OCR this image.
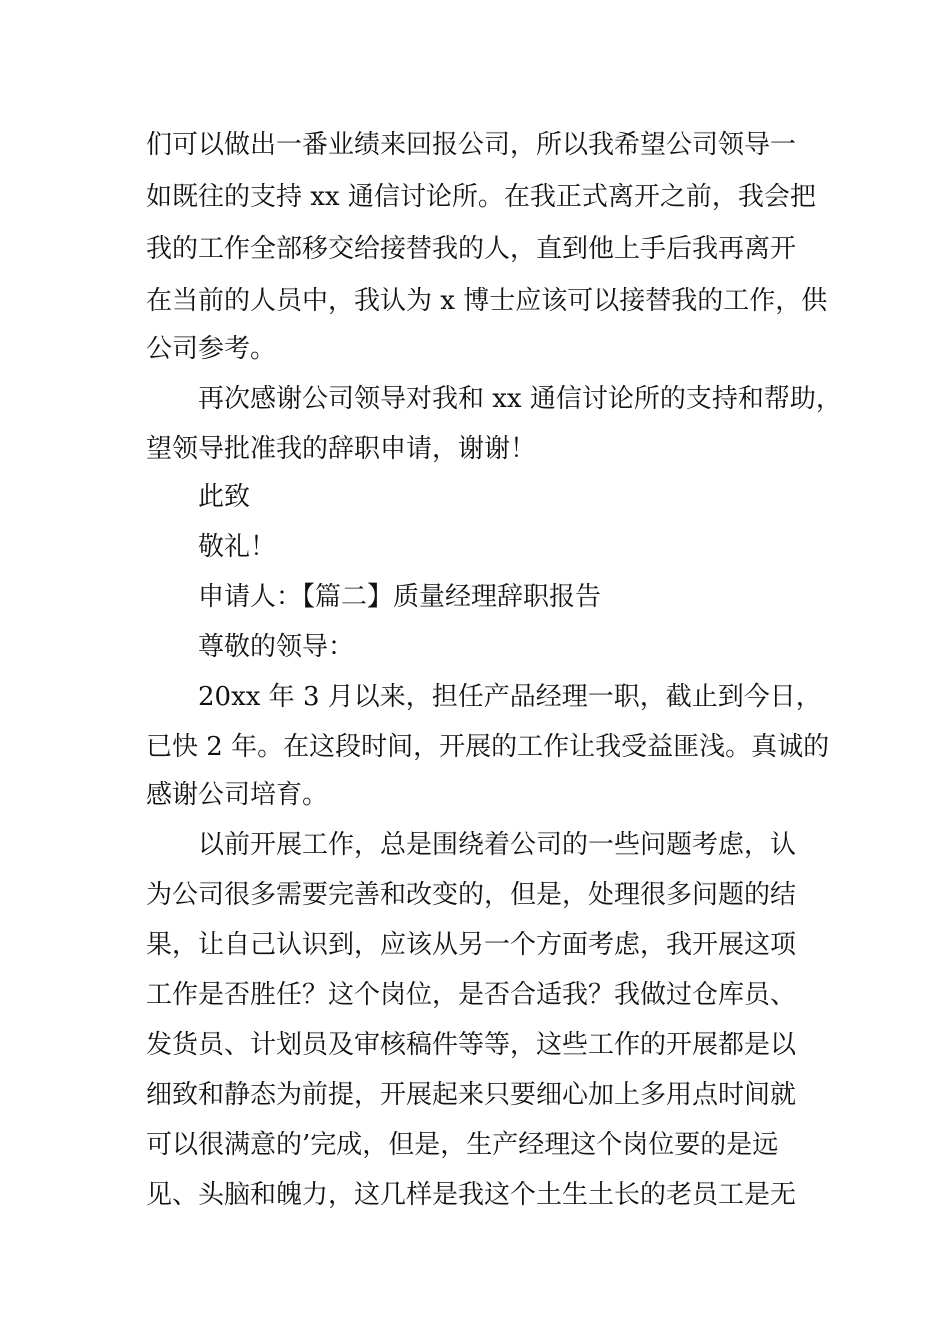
们可以做出一番业绩来回报公司，所以我希望公司领导一
如既往的支持 xx 通信讨论所。在我正式离开之前，我会把
我的工作全部移交给接替我的人，直到他上手后我再离开
在当前的人员中，我认为 x 博士应该可以接替我的工作，供
公司参考。
再次感谢公司领导对我和 xx 通信讨论所的支持和帮助，
望领导批准我的辞职申请，谢谢！
此致
敬礼！
申请人：【篇二】质量经理辞职报告
尊敬的领导：
20xx 年 3 月以来，担任产品经理一职，截止到今日，
已快 2 年。在这段时间，开展的工作让我受益匪浅。真诚的
感谢公司培育。
以前开展工作，总是围绕着公司的一些问题考虑，认
为公司很多需要完善和改变的，但是，处理很多问题的结
果，让自己认识到，应该从另一个方面考虑，我开展这项
工作是否胜任？这个岗位，是否合适我？我做过仓库员、
发货员、计划员及审核稿件等等，这些工作的开展都是以
细致和静态为前提，开展起来只要细心加上多用点时间就
可以很满意的’完成，但是，生产经理这个岗位要的是远
见、头脑和魄力，这几样是我这个土生土长的老员工是无
